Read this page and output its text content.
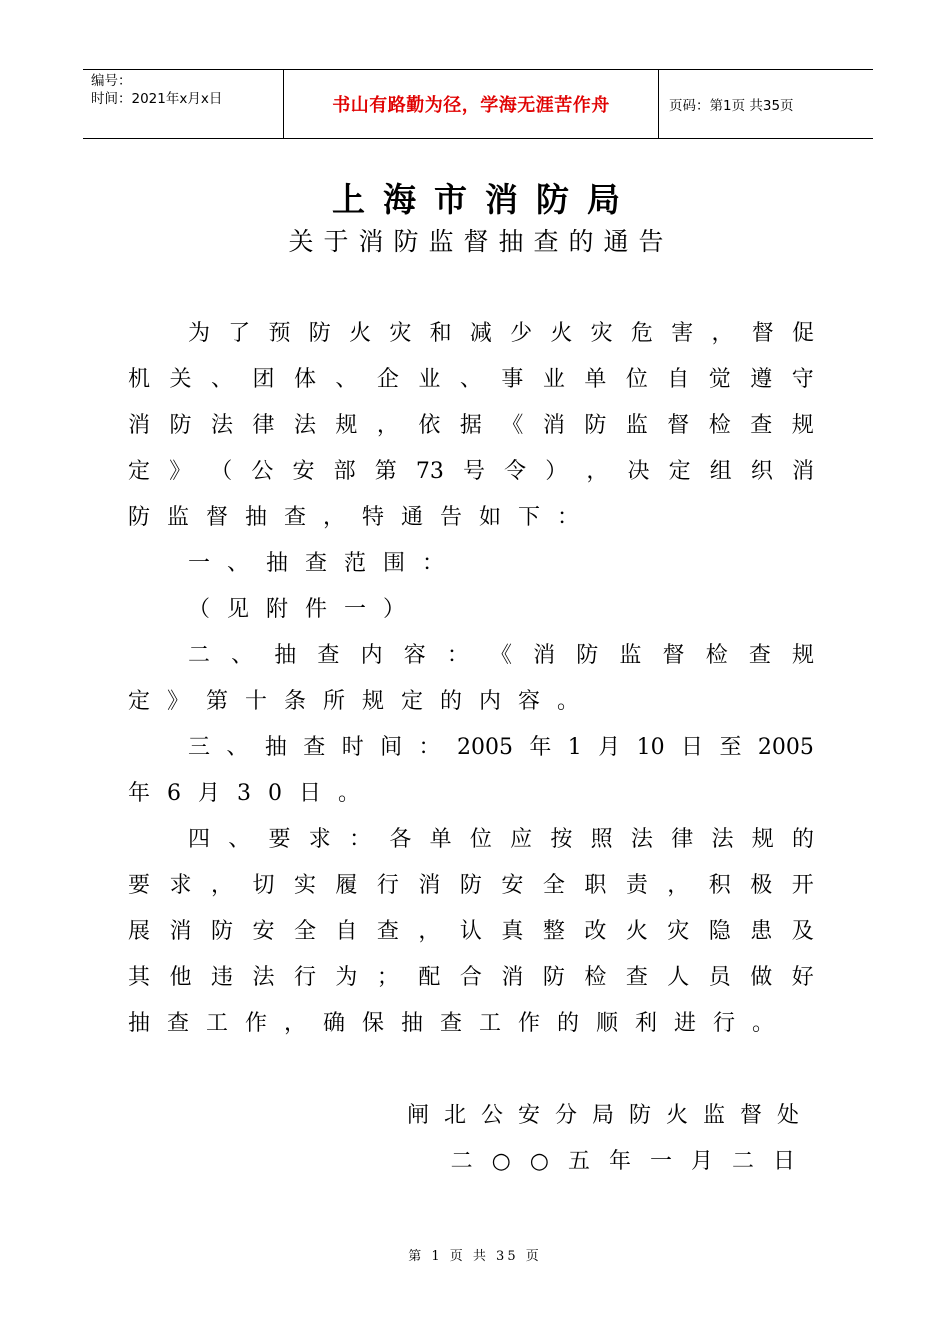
编号：
时间：2021年x月x日	书山有路勤为径，学海无涯苦作舟	页码：第1页 共35页
上海市消防局
关于消防监督抽查的通告
为 了 预 防 火 灾 和 减 少 火 灾 危 害 ， 督 促
机 关 、 团 体 、 企 业 、 事 业 单 位 自 觉 遵 守
消 防 法 律 法 规 ， 依 据 《 消 防 监 督 检 查 规
定 》 （ 公 安 部 第 73 号 令 ） ， 决 定 组 织 消
防监督抽查，特通告如下：
一、抽查范围：
（见附件一）
二 、 抽 查 内 容 ： 《 消 防 监 督 检 查 规
定》第十条所规定的内容。
三 、 抽 查 时 间 ： 2005 年 1 月 10 日 至 2005
年6月30日。
四 、 要 求 ： 各 单 位 应 按 照 法 律 法 规 的
要 求 ， 切 实 履 行 消 防 安 全 职 责 ， 积 极 开
展 消 防 安 全 自 查 ， 认 真 整 改 火 灾 隐 患 及
其 他 违 法 行 为 ； 配 合 消 防 检 查 人 员 做 好
抽查工作，确保抽查工作的顺利进行。
闸北公安分局防火监督处
二○○五年一月二日
第 1 页 共 35 页
